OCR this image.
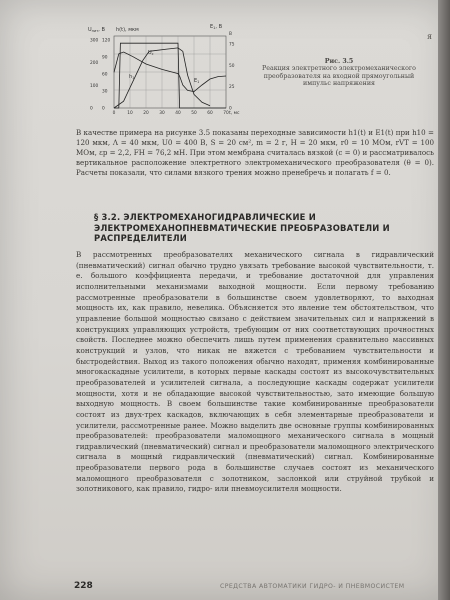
0	10 20 30 40 50 60 70
300
200
100
0
120
90
60
30
0
75
50
25
0
В
$U_{пит}$, B h(t), мкм	$E_1$, B
$U_c$
$h_1$	$E_1$
t, мс
Рис. 3.5
Реакция электретного электромеханического преобразователя на входной прямоугольный импульс напряжения
я
В качестве примера на рисунке 3.5 показаны переходные зависимости h1(t) и E1(t) при h10 = 120 мкм, Λ = 40 мкм, U0 = 400 В, S = 20 см², m = 2 г, H = 20 мкм, r0 = 10 МОм, rVT = 100 МОм, εp = 2,2, FH = 76,2 мН. При этом мембрана считалась вязкой (c = 0) и рассматривалось вертикальное расположение электретного электромеханического преобразователя (θ = 0). Расчеты показали, что силами вязкого трения можно пренебречь и полагать f = 0.
§ 3.2. ЭЛЕКТРОМЕХАНОГИДРАВЛИЧЕСКИЕ И ЭЛЕКТРОМЕХАНОПНЕВМАТИЧЕСКИЕ ПРЕОБРАЗОВАТЕЛИ И РАСПРЕДЕЛИТЕЛИ
В рассмотренных преобразователях механического сигнала в гидравлический (пневматический) сигнал обычно трудно увязать требование высокой чувствительности, т. е. большого коэффициента передачи, и требование достаточной для управления исполнительными механизмами выходной мощности. Если первому требованию рассмотренные преобразователи в большинстве своем удовлетворяют, то выходная мощность их, как правило, невелика. Объясняется это явление тем обстоятельством, что управление большой мощностью связано с действием значительных сил и напряжений в конструкциях управляющих устройств, требующим от них соответствующих прочностных свойств. Последнее можно обеспечить лишь путем применения сравнительно массивных конструкций и узлов, что никак не вяжется с требованием чувствительности и быстродействия. Выход из такого положения обычно находят, применяя комбинированные многокаскадные усилители, в которых первые каскады состоят из высокочувствительных преобразователей и усилителей сигнала, а последующие каскады содержат усилители мощности, хотя и не обладающие высокой чувствительностью, зато имеющие большую выходную мощность. В своем большинстве такие комбинированные преобразователи состоят из двух-трех каскадов, включающих в себя элементарные преобразователи и усилители, рассмотренные ранее. Можно выделить две основные группы комбинированных преобразователей: преобразователи маломощного механического сигнала в мощный гидравлический (пневматический) сигнал и преобразователи маломощного электрического сигнала в мощный гидравлический (пневматический) сигнал. Комбинированные преобразователи первого рода в большинстве случаев состоят из механического маломощного преобразователя с золотником, заслонкой или струйной трубкой и золотникового, как правило, гидро- или пневмоусилителя мощности.
228	СРЕДСТВА АВТОМАТИКИ ГИДРО- И ПНЕВМОСИСТЕМ
